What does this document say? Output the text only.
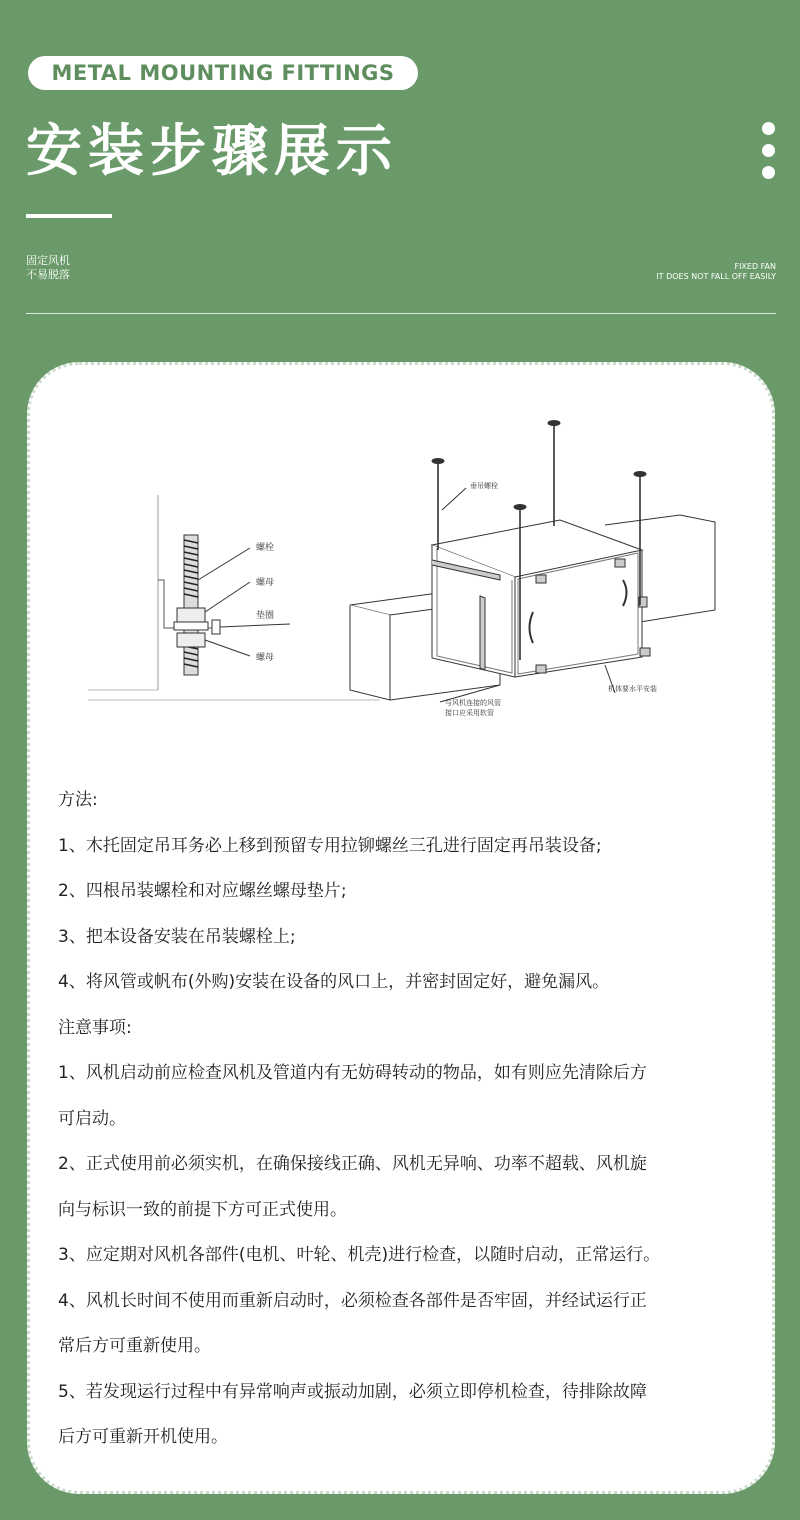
METAL MOUNTING FITTINGS
安装步骤展示
固定风机
不易脱落
FIXED FAN
IT DOES NOT FALL OFF EASILY
螺栓
螺母
垫圈
螺母
垂吊螺栓
机体要水平安装
与风机连接的风管
接口应采用软管

方法:

1、木托固定吊耳务必上移到预留专用拉铆螺丝三孔进行固定再吊装设备;

2、四根吊装螺栓和对应螺丝螺母垫片;

3、把本设备安装在吊装螺栓上;

4、将风管或帆布(外购)安装在设备的风口上，并密封固定好，避免漏风。

注意事项:

1、风机启动前应检查风机及管道内有无妨碍转动的物品，如有则应先清除后方

可启动。

2、正式使用前必须实机，在确保接线正确、风机无异响、功率不超载、风机旋

向与标识一致的前提下方可正式使用。

3、应定期对风机各部件(电机、叶轮、机壳)进行检查，以随时启动，正常运行。

4、风机长时间不使用而重新启动时，必须检查各部件是否牢固，并经试运行正

常后方可重新使用。

5、若发现运行过程中有异常响声或振动加剧，必须立即停机检查，待排除故障

后方可重新开机使用。
